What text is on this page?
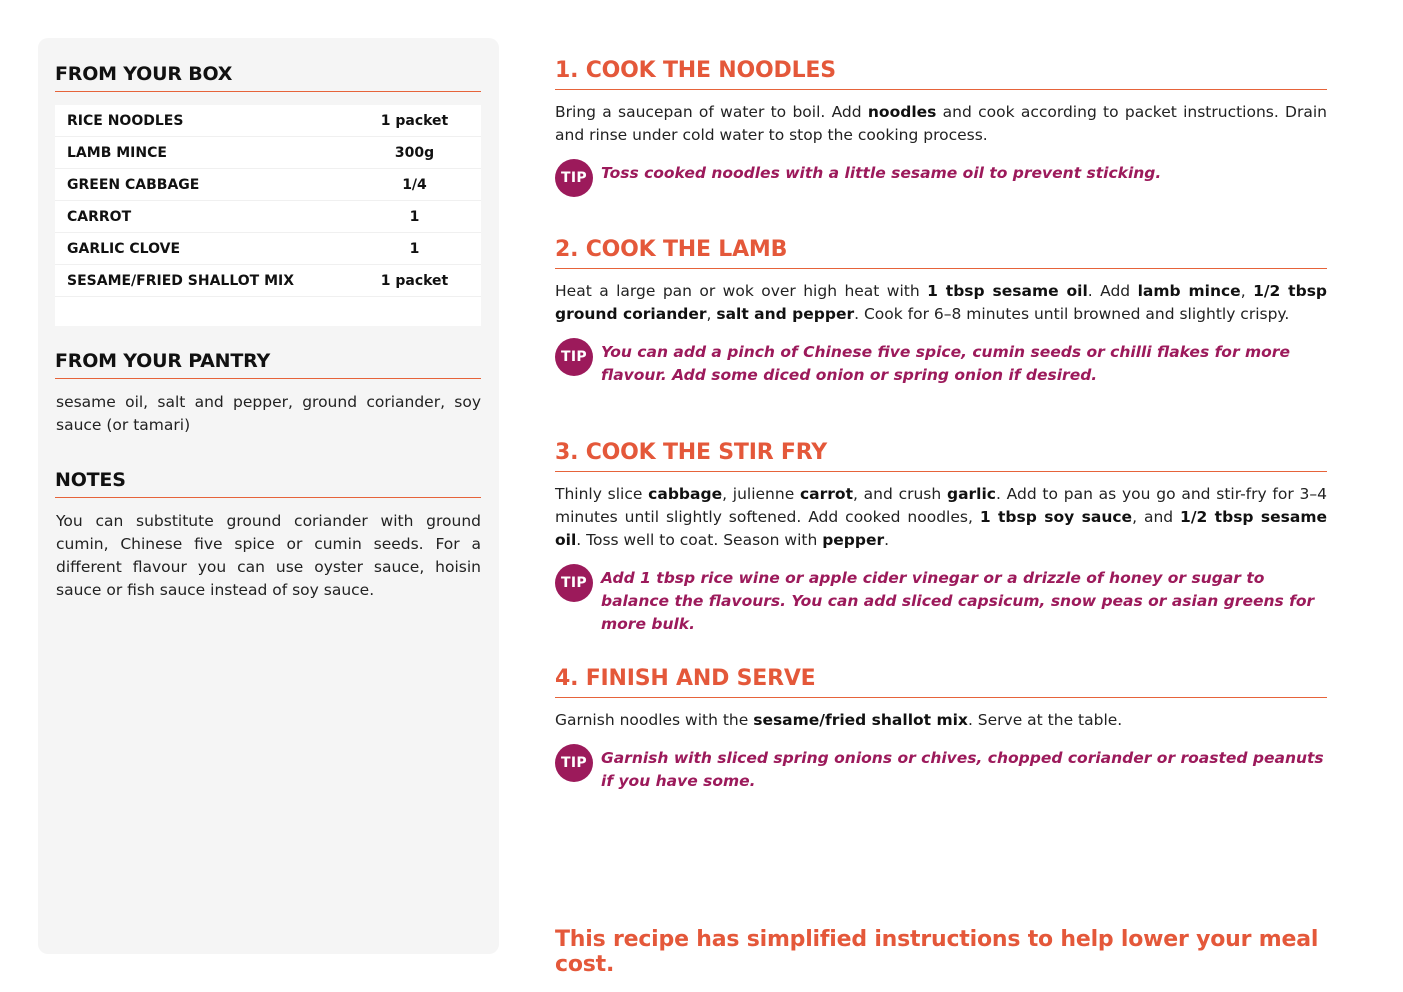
FROM YOUR BOX
RICE NOODLES	1 packet
LAMB MINCE	300g
GREEN CABBAGE	1/4
CARROT	1
GARLIC CLOVE	1
SESAME/FRIED SHALLOT MIX	1 packet
FROM YOUR PANTRY

sesame oil, salt and pepper, ground coriander, soy sauce (or tamari)

NOTES

You can substitute ground coriander with ground cumin, Chinese five spice or cumin seeds. For a different flavour you can use oyster sauce, hoisin sauce or fish sauce instead of soy sauce.

1. COOK THE NOODLES

Bring a saucepan of water to boil. Add noodles and cook according to packet instructions. Drain and rinse under cold water to stop the cooking process.

TIP Toss cooked noodles with a little sesame oil to prevent sticking.

2. COOK THE LAMB

Heat a large pan or wok over high heat with 1 tbsp sesame oil. Add lamb mince, 1/2 tbsp ground coriander, salt and pepper. Cook for 6–8 minutes until browned and slightly crispy.

TIP You can add a pinch of Chinese five spice, cumin seeds or chilli flakes for more flavour. Add some diced onion or spring onion if desired.

3. COOK THE STIR FRY

Thinly slice cabbage, julienne carrot, and crush garlic. Add to pan as you go and stir-fry for 3–4 minutes until slightly softened. Add cooked noodles, 1 tbsp soy sauce, and 1/2 tbsp sesame oil. Toss well to coat. Season with pepper.

TIP Add 1 tbsp rice wine or apple cider vinegar or a drizzle of honey or sugar to balance the flavours. You can add sliced capsicum, snow peas or asian greens for more bulk.

4. FINISH AND SERVE

Garnish noodles with the sesame/fried shallot mix. Serve at the table.

TIP Garnish with sliced spring onions or chives, chopped coriander or roasted peanuts if you have some.

This recipe has simplified instructions to help lower your meal cost.
